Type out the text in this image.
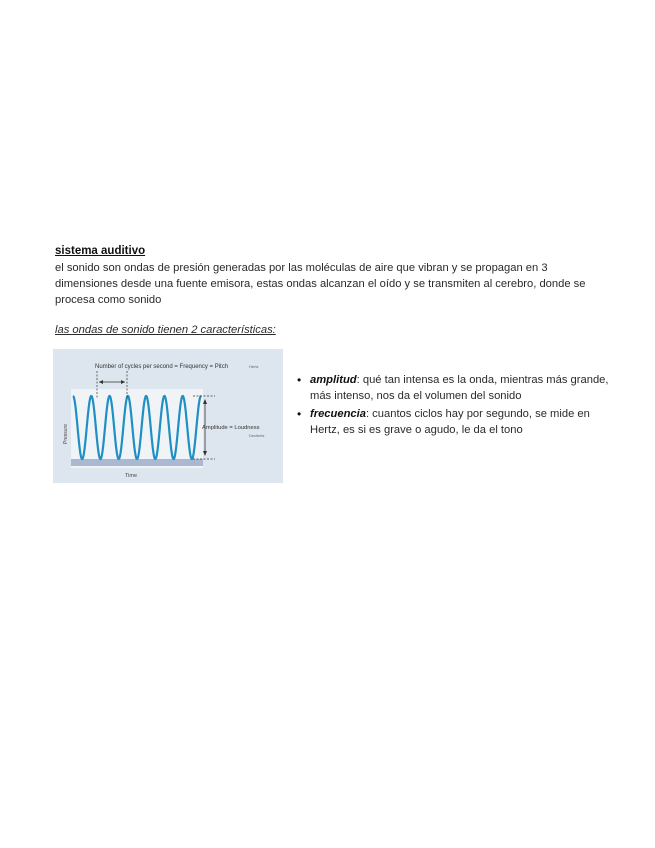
sistema auditivo
el sonido son ondas de presión generadas por las moléculas de aire que vibran y se propagan en 3 dimensiones desde una fuente emisora, estas ondas alcanzan el oído y se transmiten al cerebro, donde se procesa como sonido
las ondas de sonido tienen 2 características:
Number of cycles per second = Frequency = Pitch	Hertz
Amplitude = Loudness
Decibels
Pressure
Time
• amplitud: qué tan intensa es la onda, mientras más grande, más intenso, nos da el volumen del sonido
• frecuencia: cuantos ciclos hay por segundo, se mide en Hertz, es si es grave o agudo, le da el tono
